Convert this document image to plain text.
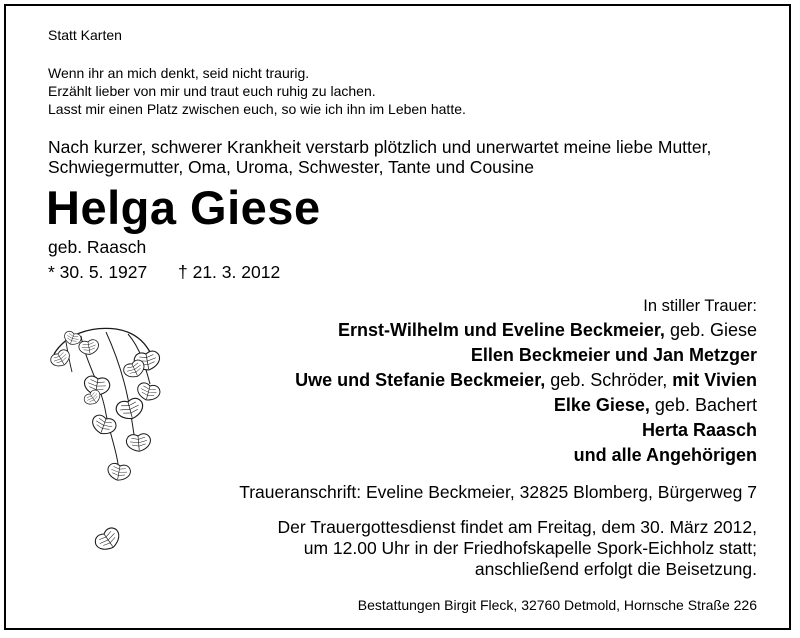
Statt Karten
Wenn ihr an mich denkt, seid nicht traurig.
Erzählt lieber von mir und traut euch ruhig zu lachen.
Lasst mir einen Platz zwischen euch, so wie ich ihn im Leben hatte.
Nach kurzer, schwerer Krankheit verstarb plötzlich und unerwartet meine liebe Mutter,
Schwiegermutter, Oma, Uroma, Schwester, Tante und Cousine
Helga Giese
geb. Raasch
* 30. 5. 1927 † 21. 3. 2012
In stiller Trauer:
Ernst-Wilhelm und Eveline Beckmeier, geb. Giese
Ellen Beckmeier und Jan Metzger
Uwe und Stefanie Beckmeier, geb. Schröder, mit Vivien
Elke Giese, geb. Bachert
Herta Raasch
und alle Angehörigen
Traueranschrift: Eveline Beckmeier, 32825 Blomberg, Bürgerweg 7
Der Trauergottesdienst findet am Freitag, dem 30. März 2012,
um 12.00 Uhr in der Friedhofskapelle Spork-Eichholz statt;
anschließend erfolgt die Beisetzung.
Bestattungen Birgit Fleck, 32760 Detmold, Hornsche Straße 226
